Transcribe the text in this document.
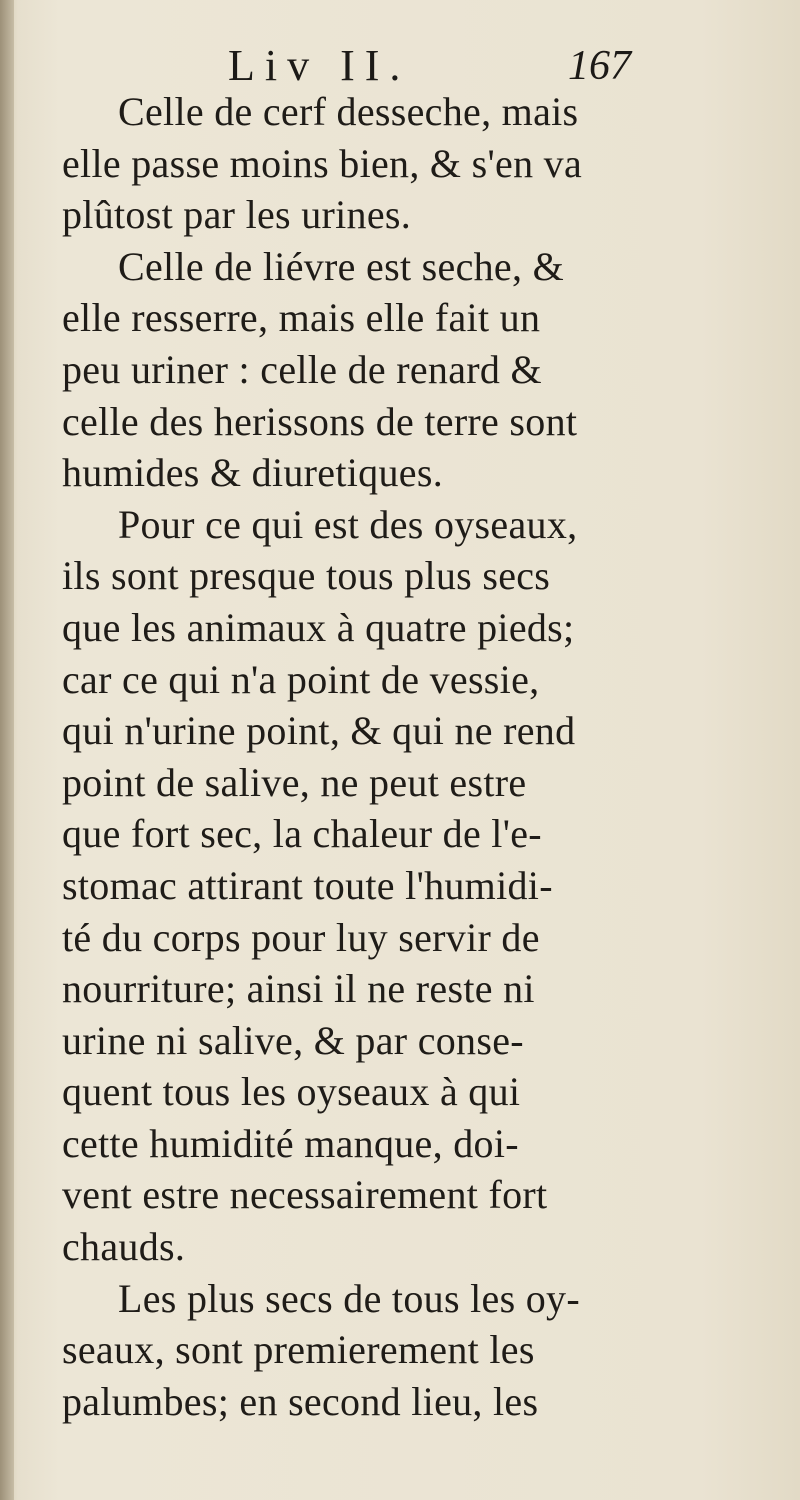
Liv II.	167
Celle de cerf desseche, mais
elle passe moins bien, & s'en va
plûtost par les urines.
Celle de liévre est seche, &
elle resserre, mais elle fait un
peu uriner : celle de renard &
celle des herissons de terre sont
humides & diuretiques.
Pour ce qui est des oyseaux,
ils sont presque tous plus secs
que les animaux à quatre pieds;
car ce qui n'a point de vessie,
qui n'urine point, & qui ne rend
point de salive, ne peut estre
que fort sec, la chaleur de l'e-
stomac attirant toute l'humidi-
té du corps pour luy servir de
nourriture; ainsi il ne reste ni
urine ni salive, & par conse-
quent tous les oyseaux à qui
cette humidité manque, doi-
vent estre necessairement fort
chauds.
Les plus secs de tous les oy-
seaux, sont premierement les
palumbes; en second lieu, les
